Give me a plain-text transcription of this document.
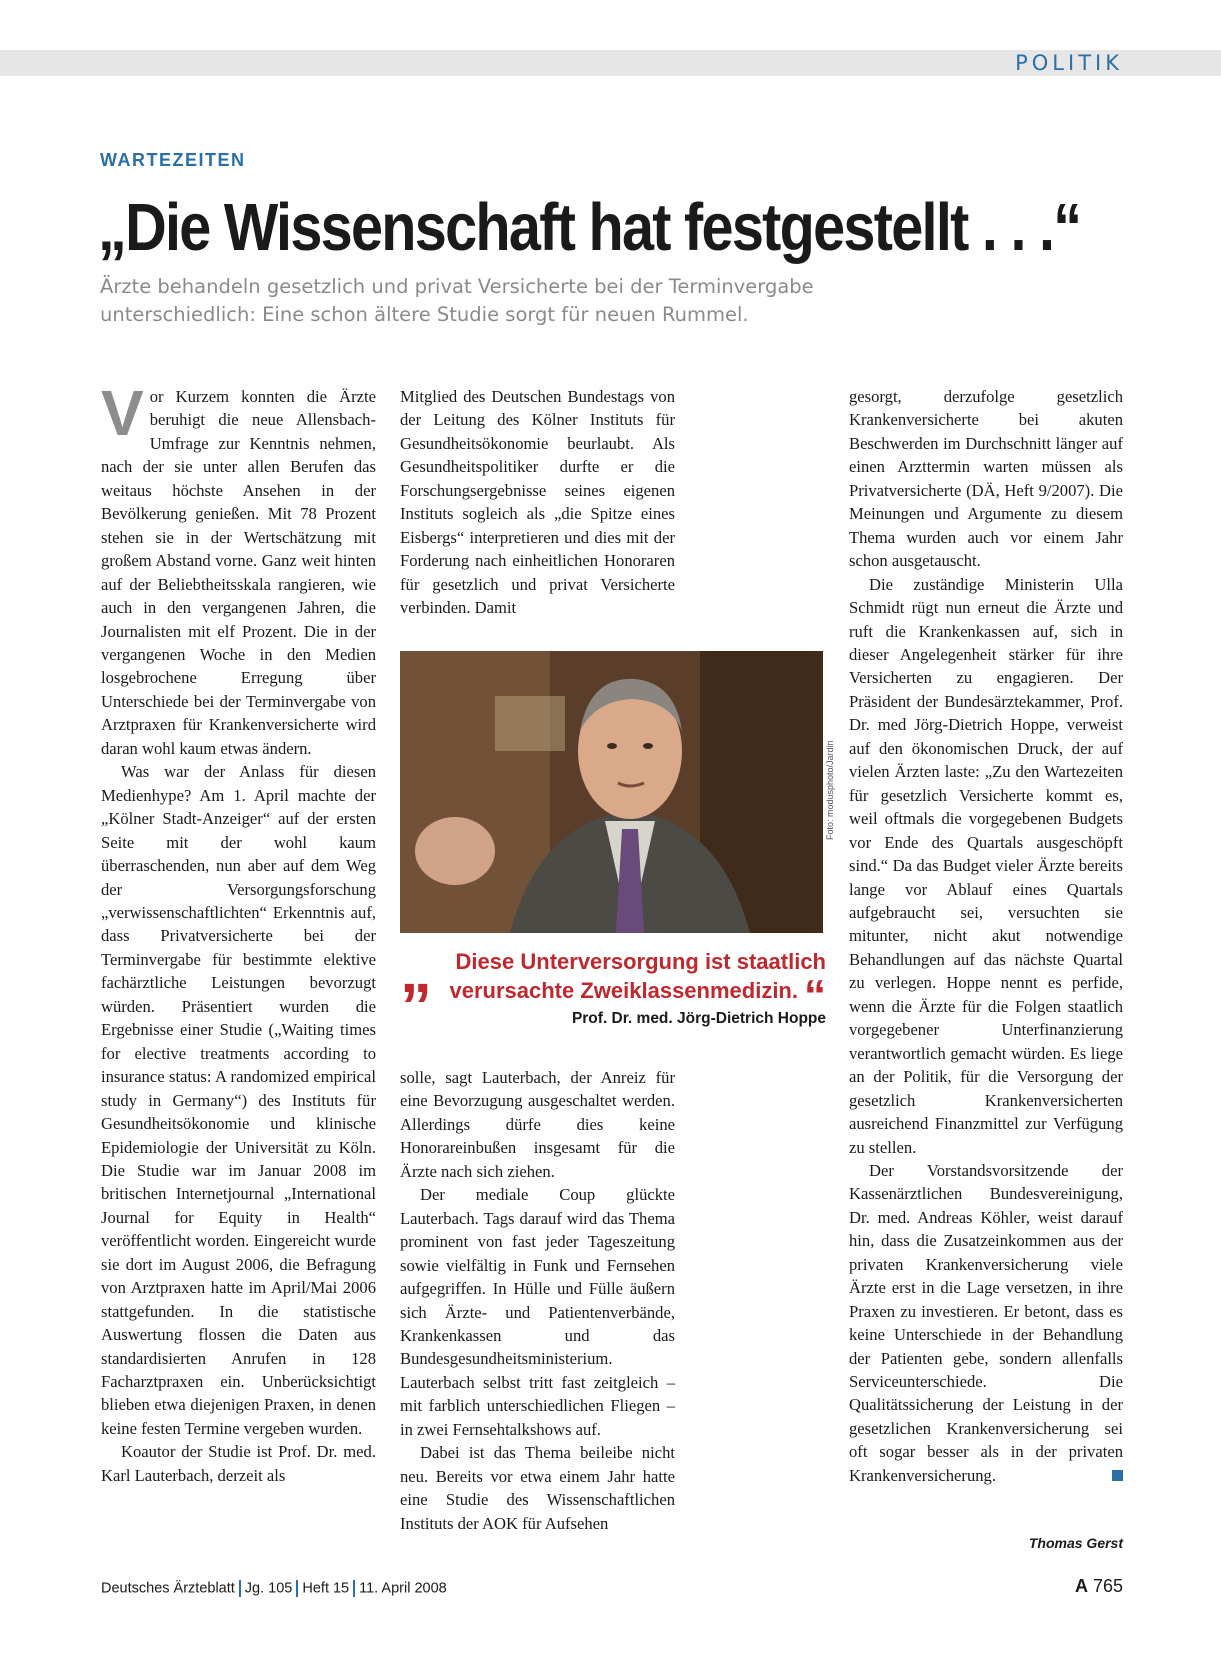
POLITIK
WARTEZEITEN
„Die Wissenschaft hat festgestellt . . .“
Ärzte behandeln gesetzlich und privat Versicherte bei der Terminvergabe unterschiedlich: Eine schon ältere Studie sorgt für neuen Rummel.

Vor Kurzem konnten die Ärzte beruhigt die neue Allensbach-Umfrage zur Kenntnis nehmen, nach der sie unter allen Berufen das weitaus höchste Ansehen in der Bevölkerung genießen. Mit 78 Prozent stehen sie in der Wertschätzung mit großem Abstand vorne. Ganz weit hinten auf der Beliebtheitsskala rangieren, wie auch in den vergangenen Jahren, die Journalisten mit elf Prozent. Die in der vergangenen Woche in den Medien losgebrochene Erregung über Unterschiede bei der Terminvergabe von Arztpraxen für Krankenversicherte wird daran wohl kaum etwas ändern.

Was war der Anlass für diesen Medienhype? Am 1. April machte der „Kölner Stadt-Anzeiger“ auf der ersten Seite mit der wohl kaum überraschenden, nun aber auf dem Weg der Versorgungsforschung „verwissenschaftlichten“ Erkenntnis auf, dass Privatversicherte bei der Terminvergabe für bestimmte elektive fachärztliche Leistungen bevorzugt würden. Präsentiert wurden die Ergebnisse einer Studie („Waiting times for elective treatments according to insurance status: A randomized empirical study in Germany“) des Instituts für Gesundheitsökonomie und klinische Epidemiologie der Universität zu Köln. Die Studie war im Januar 2008 im britischen Internetjournal „International Journal for Equity in Health“ veröffentlicht worden. Eingereicht wurde sie dort im August 2006, die Befragung von Arztpraxen hatte im April/Mai 2006 stattgefunden. In die statistische Auswertung flossen die Daten aus standardisierten Anrufen in 128 Facharztpraxen ein. Unberücksichtigt blieben etwa diejenigen Praxen, in denen keine festen Termine vergeben wurden.

Koautor der Studie ist Prof. Dr. med. Karl Lauterbach, derzeit als

Mitglied des Deutschen Bundestags von der Leitung des Kölner Instituts für Gesundheitsökonomie beurlaubt. Als Gesundheitspolitiker durfte er die Forschungsergebnisse seines eigenen Instituts sogleich als „die Spitze eines Eisbergs“ interpretieren und dies mit der Forderung nach einheitlichen Honoraren für gesetzlich und privat Versicherte verbinden. Damit

Foto: modusphoto/Jardin
„	Diese Unterversorgung ist staatlich verursachte Zweiklassenmedizin. “
Prof. Dr. med. Jörg-Dietrich Hoppe

solle, sagt Lauterbach, der Anreiz für eine Bevorzugung ausgeschaltet werden. Allerdings dürfe dies keine Honorareinbußen insgesamt für die Ärzte nach sich ziehen.

Der mediale Coup glückte Lauterbach. Tags darauf wird das Thema prominent von fast jeder Tageszeitung sowie vielfältig in Funk und Fernsehen aufgegriffen. In Hülle und Fülle äußern sich Ärzte- und Patientenverbände, Krankenkassen und das Bundesgesundheitsministerium. Lauterbach selbst tritt fast zeitgleich – mit farblich unterschiedlichen Fliegen – in zwei Fernsehtalkshows auf.

Dabei ist das Thema beileibe nicht neu. Bereits vor etwa einem Jahr hatte eine Studie des Wissenschaftlichen Instituts der AOK für Aufsehen

gesorgt, derzufolge gesetzlich Krankenversicherte bei akuten Beschwerden im Durchschnitt länger auf einen Arzttermin warten müssen als Privatversicherte (DÄ, Heft 9/2007). Die Meinungen und Argumente zu diesem Thema wurden auch vor einem Jahr schon ausgetauscht.

Die zuständige Ministerin Ulla Schmidt rügt nun erneut die Ärzte und ruft die Krankenkassen auf, sich in dieser Angelegenheit stärker für ihre Versicherten zu engagieren. Der Präsident der Bundesärztekammer, Prof. Dr. med Jörg-Dietrich Hoppe, verweist auf den ökonomischen Druck, der auf vielen Ärzten laste: „Zu den Wartezeiten für gesetzlich Versicherte kommt es, weil oftmals die vorgegebenen Budgets vor Ende des Quartals ausgeschöpft sind.“ Da das Budget vieler Ärzte bereits lange vor Ablauf eines Quartals aufgebraucht sei, versuchten sie mitunter, nicht akut notwendige Behandlungen auf das nächste Quartal zu verlegen. Hoppe nennt es perfide, wenn die Ärzte für die Folgen staatlich vorgegebener Unterfinanzierung verantwortlich gemacht würden. Es liege an der Politik, für die Versorgung der gesetzlich Krankenversicherten ausreichend Finanzmittel zur Verfügung zu stellen.

Der Vorstandsvorsitzende der Kassenärztlichen Bundesvereinigung, Dr. med. Andreas Köhler, weist darauf hin, dass die Zusatzeinkommen aus der privaten Krankenversicherung viele Ärzte erst in die Lage versetzen, in ihre Praxen zu investieren. Er betont, dass es keine Unterschiede in der Behandlung der Patienten gebe, sondern allenfalls Serviceunterschiede. Die Qualitätssicherung der Leistung in der gesetzlichen Krankenversicherung sei oft sogar besser als in der privaten Krankenversicherung.

Thomas Gerst
Deutsches Ärzteblatt Jg. 105 Heft 15 11. April 2008	A 765
